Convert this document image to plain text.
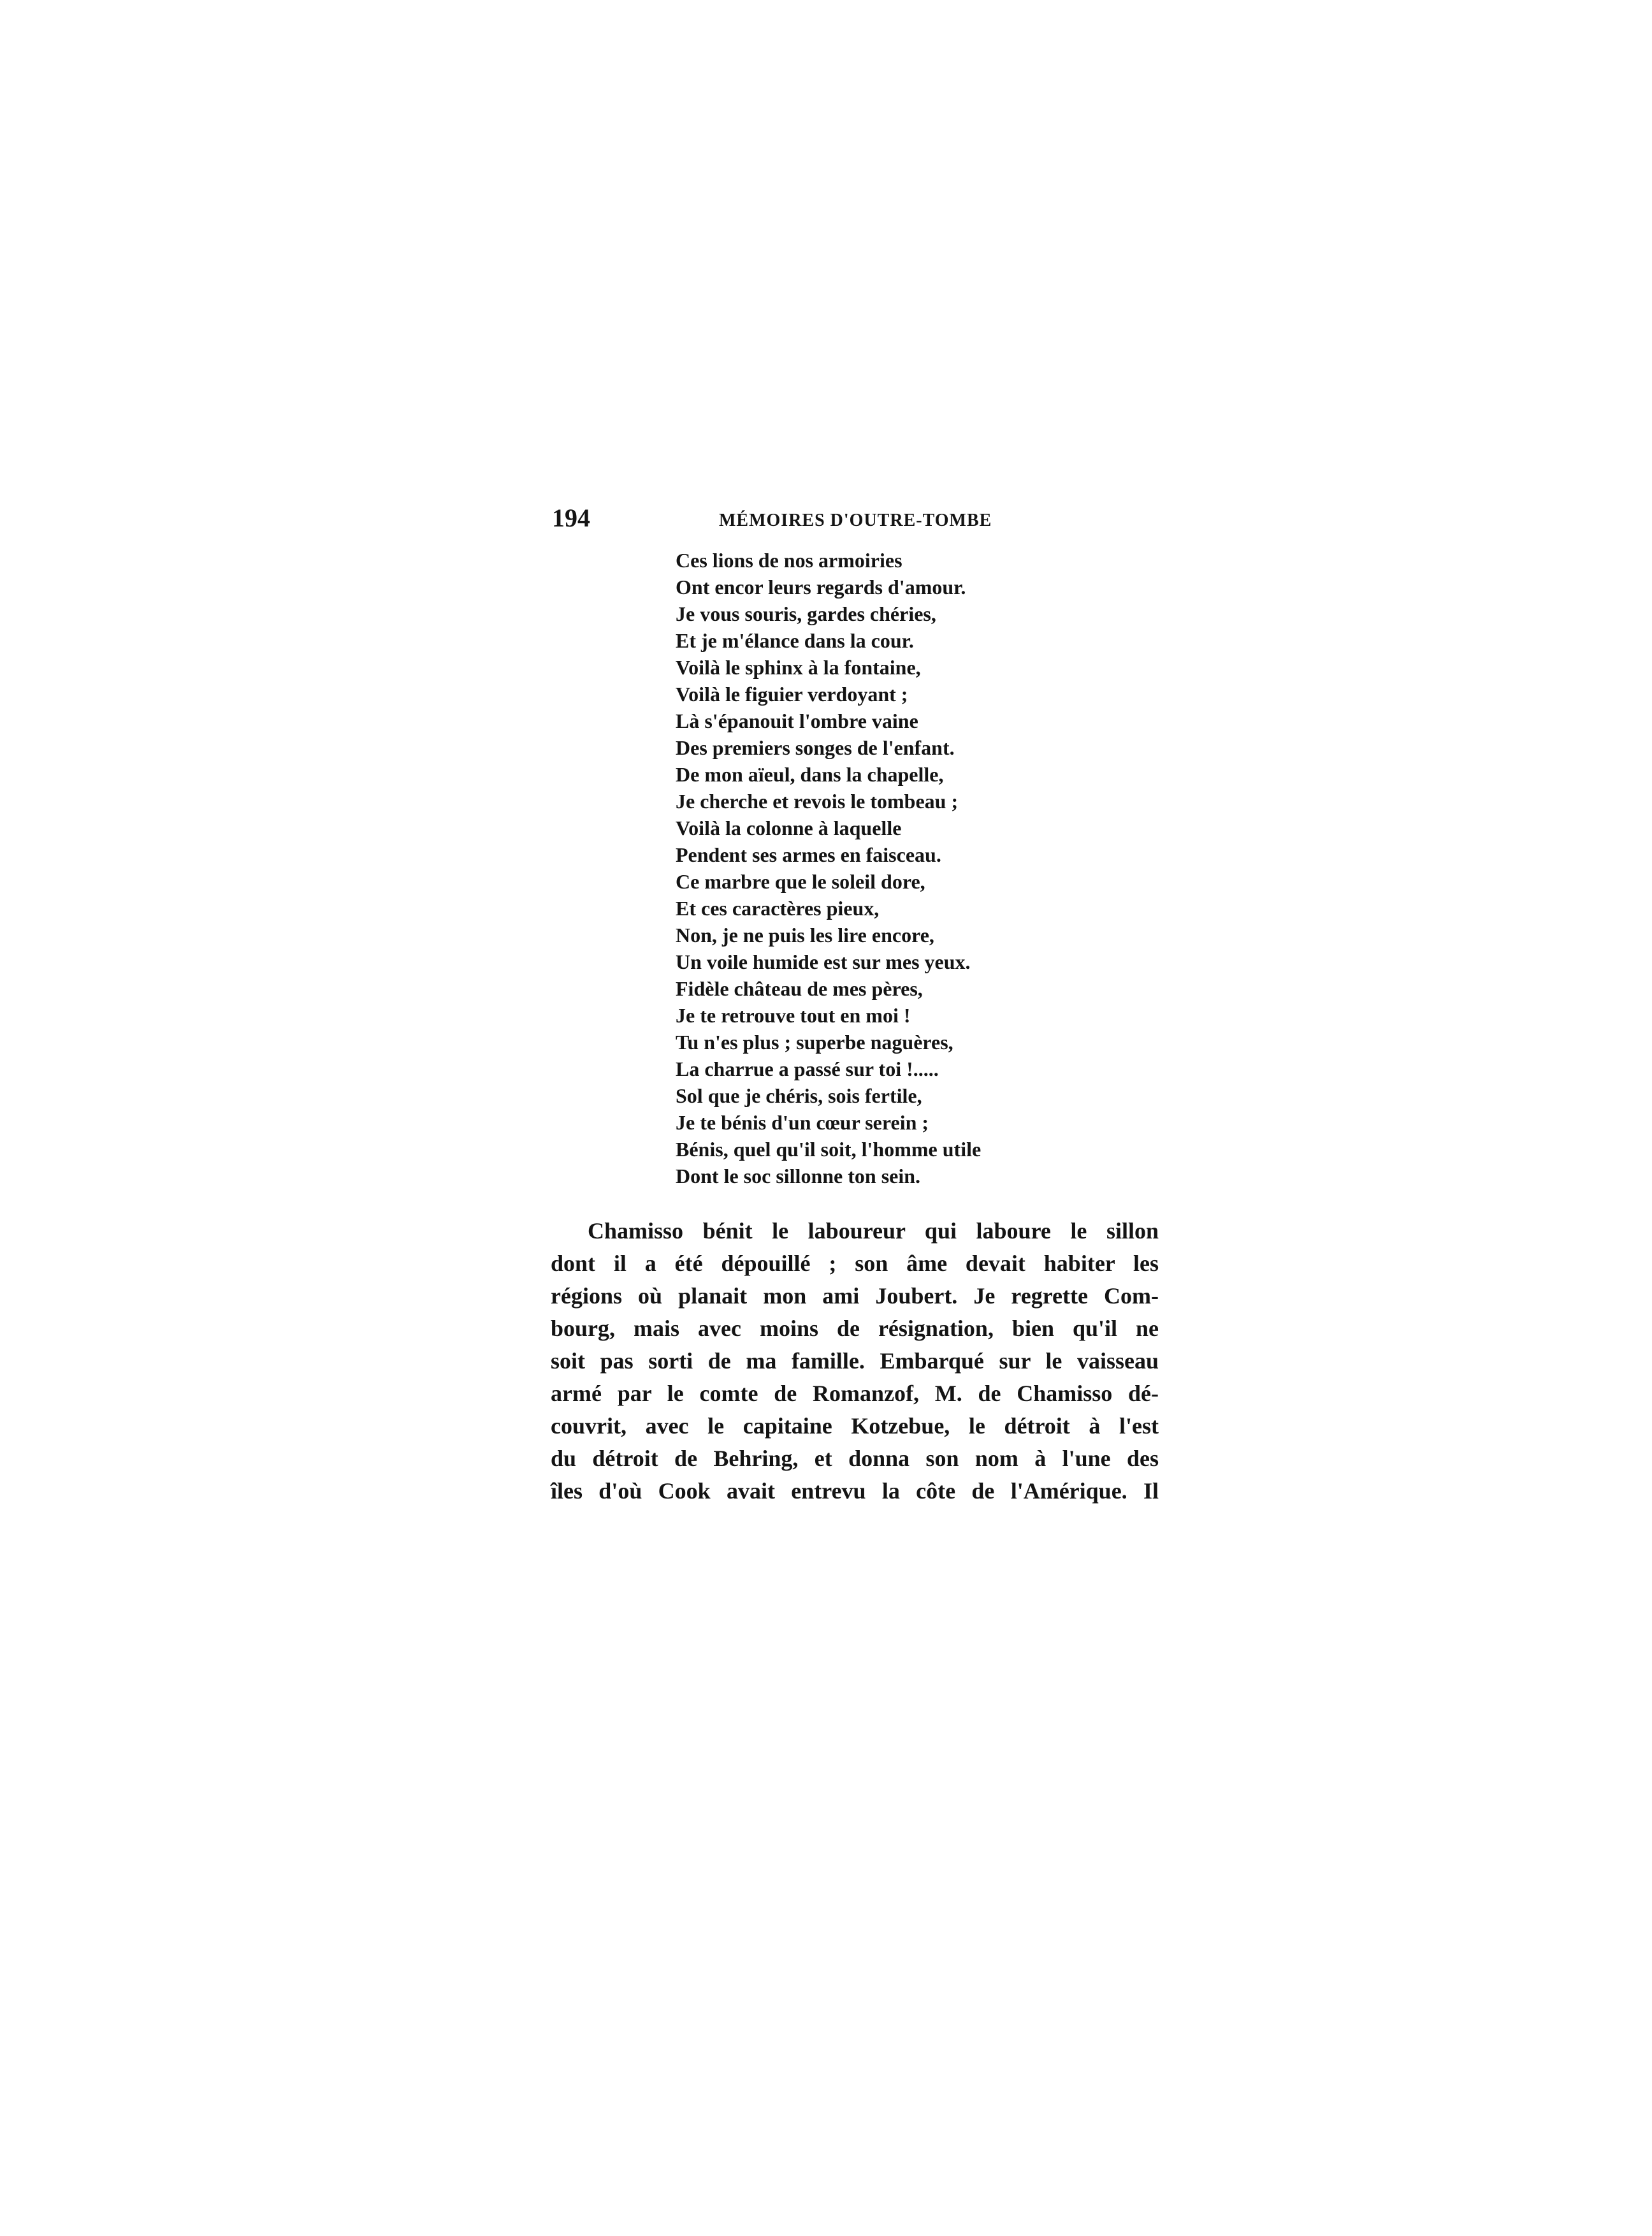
194	MÉMOIRES D'OUTRE-TOMBE
Ces lions de nos armoiries
Ont encor leurs regards d'amour.
Je vous souris, gardes chéries,
Et je m'élance dans la cour.
Voilà le sphinx à la fontaine,
Voilà le figuier verdoyant ;
Là s'épanouit l'ombre vaine
Des premiers songes de l'enfant.
De mon aïeul, dans la chapelle,
Je cherche et revois le tombeau ;
Voilà la colonne à laquelle
Pendent ses armes en faisceau.
Ce marbre que le soleil dore,
Et ces caractères pieux,
Non, je ne puis les lire encore,
Un voile humide est sur mes yeux.
Fidèle château de mes pères,
Je te retrouve tout en moi !
Tu n'es plus ; superbe naguères,
La charrue a passé sur toi !.....
Sol que je chéris, sois fertile,
Je te bénis d'un cœur serein ;
Bénis, quel qu'il soit, l'homme utile
Dont le soc sillonne ton sein.
Chamisso bénit le laboureur qui laboure le sillon
dont il a été dépouillé ; son âme devait habiter les
régions où planait mon ami Joubert. Je regrette Com-
bourg, mais avec moins de résignation, bien qu'il ne
soit pas sorti de ma famille. Embarqué sur le vaisseau
armé par le comte de Romanzof, M. de Chamisso dé-
couvrit, avec le capitaine Kotzebue, le détroit à l'est
du détroit de Behring, et donna son nom à l'une des
îles d'où Cook avait entrevu la côte de l'Amérique. Il
